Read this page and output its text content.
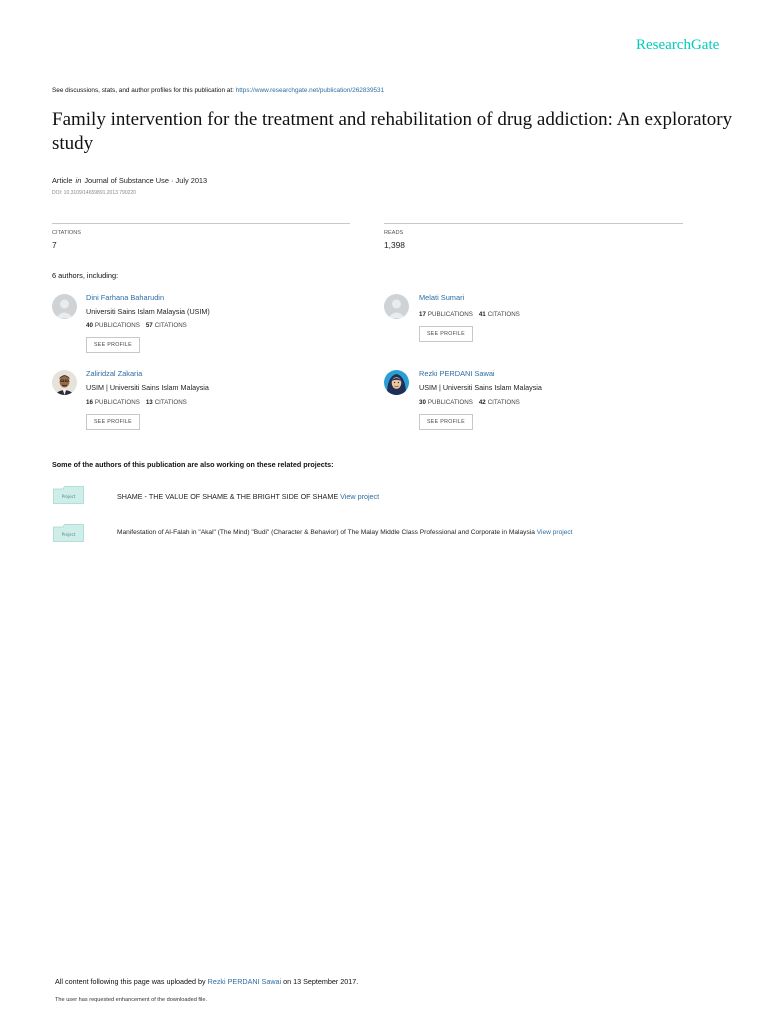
ResearchGate
See discussions, stats, and author profiles for this publication at: https://www.researchgate.net/publication/262839531
Family intervention for the treatment and rehabilitation of drug addiction: An exploratory study
Article in Journal of Substance Use · July 2013
DOI: 10.3109/14659891.2013.790220
CITATIONS
7
READS
1,398
6 authors, including:
Dini Farhana Baharudin
Universiti Sains Islam Malaysia (USIM)
40 PUBLICATIONS 57 CITATIONS
SEE PROFILE
Melati Sumari
17 PUBLICATIONS 41 CITATIONS
SEE PROFILE
Zaliridzal Zakaria
USIM | Universiti Sains Islam Malaysia
16 PUBLICATIONS 13 CITATIONS
SEE PROFILE
Rezki PERDANI Sawai
USIM | Universiti Sains Islam Malaysia
30 PUBLICATIONS 42 CITATIONS
SEE PROFILE
Some of the authors of this publication are also working on these related projects:
Project	SHAME - THE VALUE OF SHAME & THE BRIGHT SIDE OF SHAME View project
Project	Manifestation of Al-Falah in "Akal" (The Mind) "Budi" (Character & Behavior) of The Malay Middle Class Professional and Corporate in Malaysia View project
All content following this page was uploaded by Rezki PERDANI Sawai on 13 September 2017.
The user has requested enhancement of the downloaded file.
